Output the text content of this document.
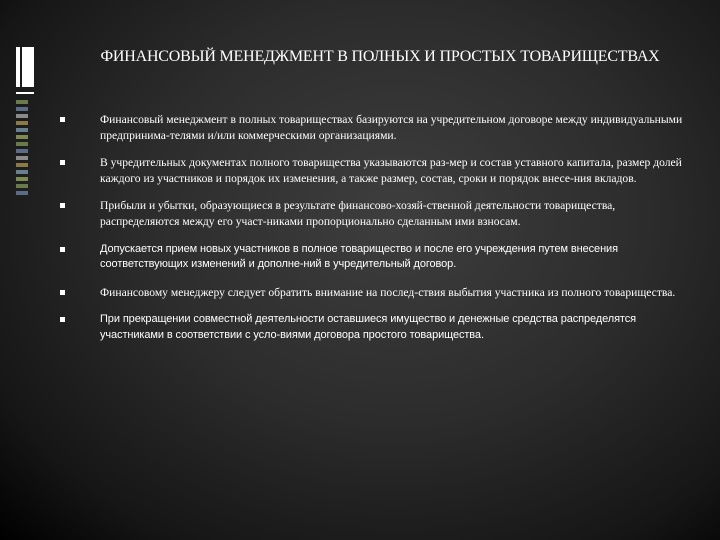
ФИНАНСОВЫЙ МЕНЕДЖМЕНТ В ПОЛНЫХ И ПРОСТЫХ ТОВАРИЩЕСТВАХ
Финансовый менеджмент в полных товариществах базируются на учредительном договоре между индивидуальными предпринима-телями и/или коммерческими организациями.
В учредительных документах полного товарищества указываются раз-мер и состав уставного капитала, размер долей каждого из участников и порядок их изменения, а также размер, состав, сроки и порядок внесе-ния вкладов.
Прибыли и убытки, образующиеся в результате финансово-хозяй-ственной деятельности товарищества, распределяются между его участ-никами пропорционально сделанным ими взносам.
Допускается прием новых участников в полное товарищество и после его учреждения путем внесения соответствующих изменений и дополне-ний в учредительный договор.
Финансовому менеджеру следует обратить внимание на послед-ствия выбытия участника из полного товарищества.
При прекращении совместной деятельности оставшиеся имущество и денежные средства распределятся участниками в соответствии с усло-виями договора простого товарищества.
